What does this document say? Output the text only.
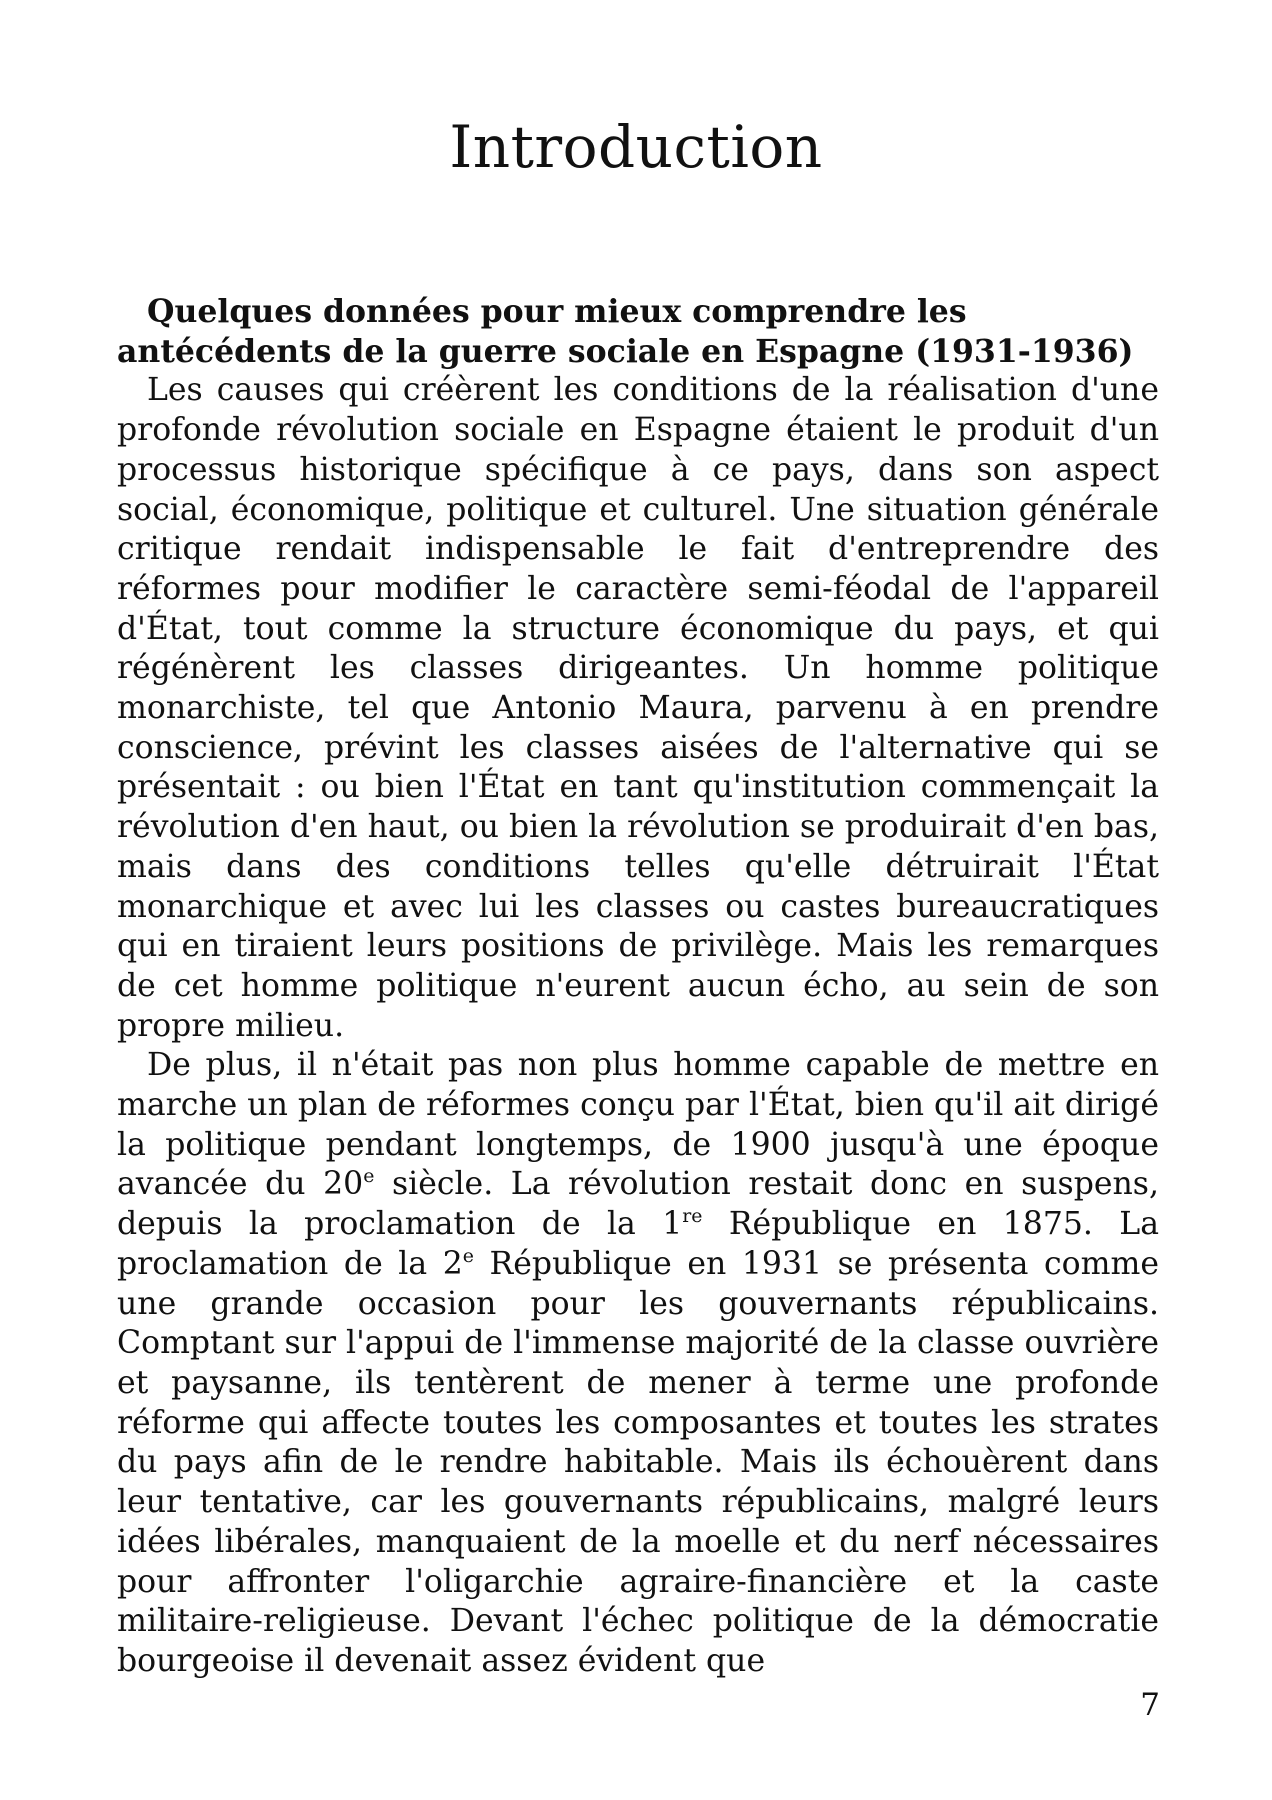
Introduction
Quelques données pour mieux comprendre les antécédents de la guerre sociale en Espagne (1931-1936)

Les causes qui créèrent les conditions de la réalisation d'une profonde révolution sociale en Espagne étaient le produit d'un processus historique spécifique à ce pays, dans son aspect social, économique, politique et culturel. Une situation générale critique rendait indispensable le fait d'entreprendre des réformes pour modifier le caractère semi-féodal de l'appareil d'État, tout comme la structure économique du pays, et qui régénèrent les classes dirigeantes. Un homme politique monarchiste, tel que Antonio Maura, parvenu à en prendre conscience, prévint les classes aisées de l'alternative qui se présentait : ou bien l'État en tant qu'institution commençait la révolution d'en haut, ou bien la révolution se produirait d'en bas, mais dans des conditions telles qu'elle détruirait l'État monarchique et avec lui les classes ou castes bureaucratiques qui en tiraient leurs positions de privilège. Mais les remarques de cet homme politique n'eurent aucun écho, au sein de son propre milieu.

De plus, il n'était pas non plus homme capable de mettre en marche un plan de réformes conçu par l'État, bien qu'il ait dirigé la politique pendant longtemps, de 1900 jusqu'à une époque avancée du 20e siècle. La révolution restait donc en suspens, depuis la proclamation de la 1re République en 1875. La proclamation de la 2e République en 1931 se présenta comme une grande occasion pour les gouvernants républicains. Comptant sur l'appui de l'immense majorité de la classe ouvrière et paysanne, ils tentèrent de mener à terme une profonde réforme qui affecte toutes les composantes et toutes les strates du pays afin de le rendre habitable. Mais ils échouèrent dans leur tentative, car les gouvernants républicains, malgré leurs idées libérales, manquaient de la moelle et du nerf nécessaires pour affronter l'oligarchie agraire-financière et la caste militaire-religieuse. Devant l'échec politique de la démocratie bourgeoise il devenait assez évident que

7
